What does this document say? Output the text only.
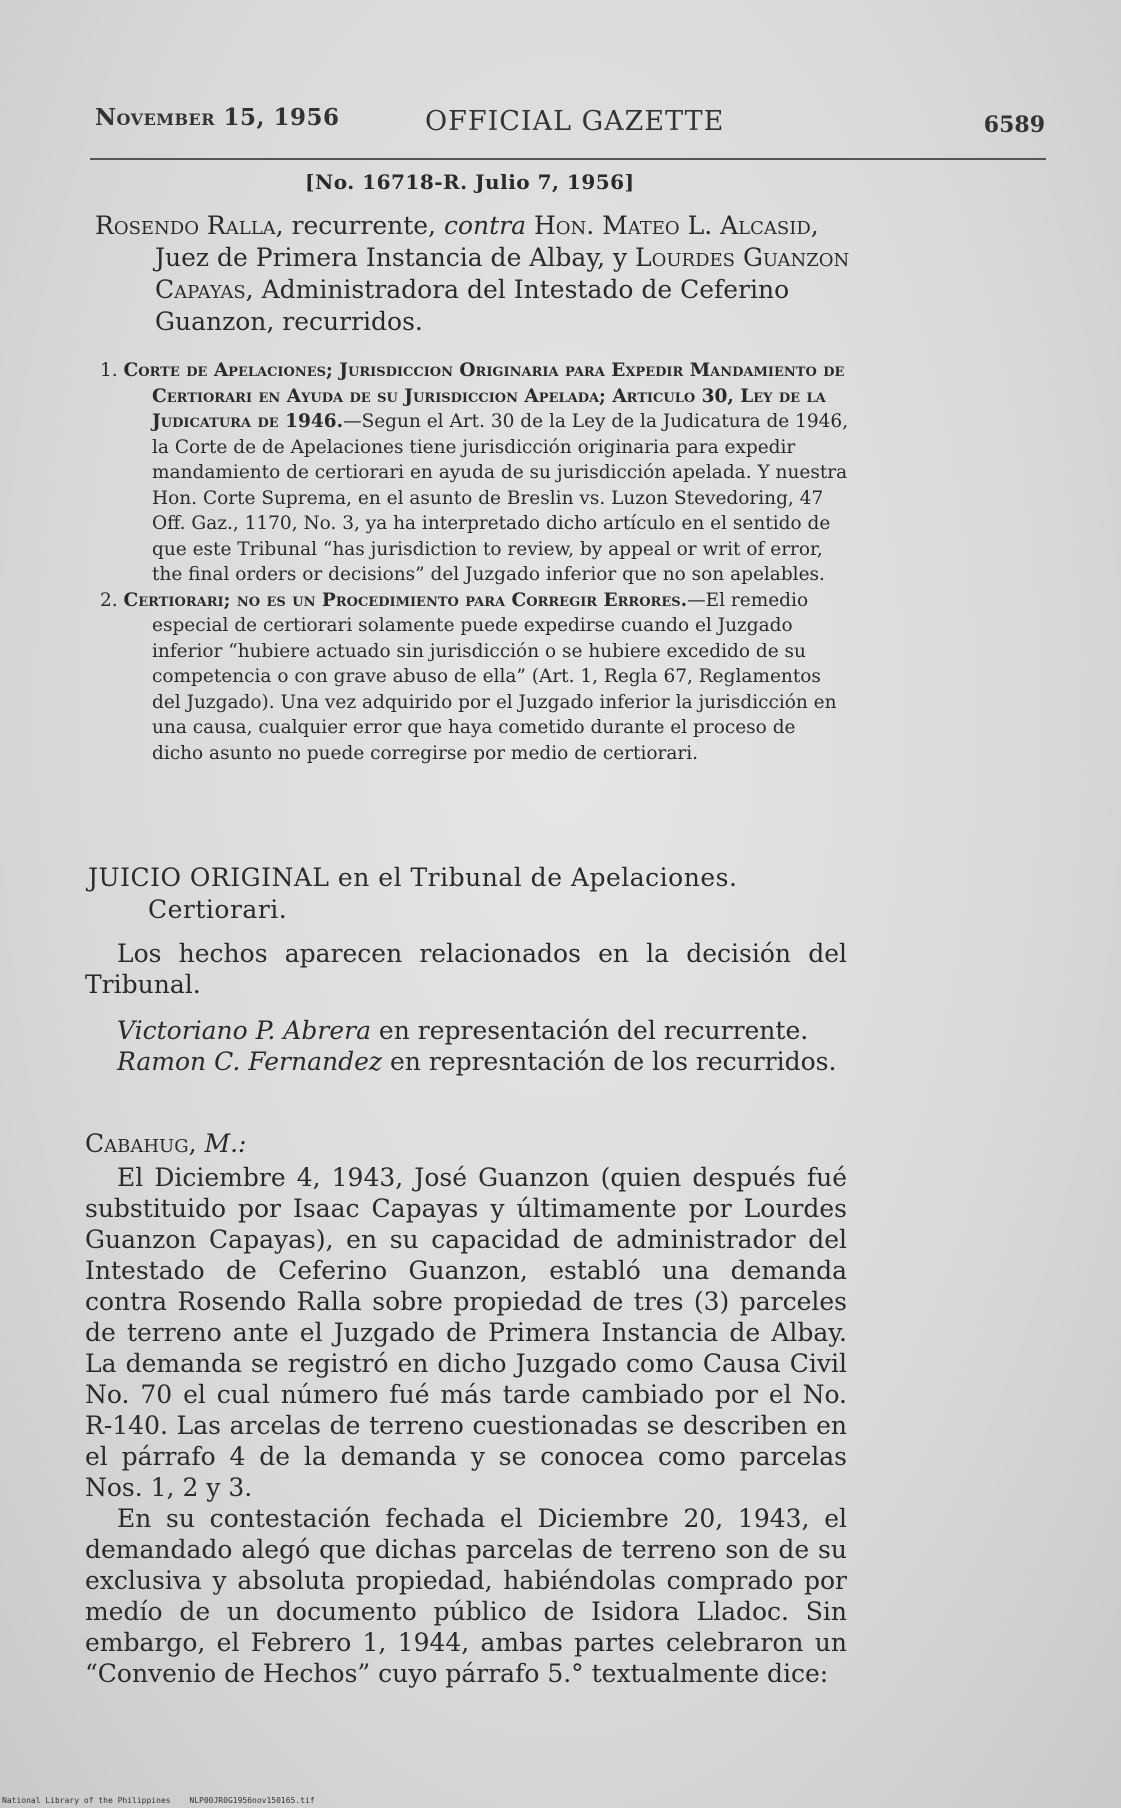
November 15, 1956	OFFICIAL GAZETTE	6589
[No. 16718-R. Julio 7, 1956]

Rosendo Ralla, recurrente, contra Hon. Mateo L. Alcasid, Juez de Primera Instancia de Albay, y Lourdes Guanzon Capayas, Administradora del Intestado de Ceferino Guanzon, recurridos.

1. Corte de Apelaciones; Jurisdiccion Originaria para Expedir Mandamiento de Certiorari en Ayuda de su Jurisdiccion Apelada; Articulo 30, Ley de la Judicatura de 1946.—Segun el Art. 30 de la Ley de la Judicatura de 1946, la Corte de de Apelaciones tiene jurisdicción originaria para expedir mandamiento de certiorari en ayuda de su jurisdicción apelada. Y nuestra Hon. Corte Suprema, en el asunto de Breslin vs. Luzon Stevedoring, 47 Off. Gaz., 1170, No. 3, ya ha interpretado dicho artículo en el sentido de que este Tribunal “has jurisdiction to review, by appeal or writ of error, the final orders or decisions” del Juzgado inferior que no son apelables.

2. Certiorari; no es un Procedimiento para Corregir Errores.—El remedio especial de certiorari solamente puede expedirse cuando el Juzgado inferior “hubiere actuado sin jurisdicción o se hubiere excedido de su competencia o con grave abuso de ella” (Art. 1, Regla 67, Reglamentos del Juzgado). Una vez adquirido por el Juzgado inferior la jurisdicción en una causa, cualquier error que haya cometido durante el proceso de dicho asunto no puede corregirse por medio de certiorari.

JUICIO ORIGINAL en el Tribunal de Apelaciones. Certiorari.

Los hechos aparecen relacionados en la decisión del Tribunal.

Victoriano P. Abrera en representación del recurrente.

Ramon C. Fernandez en represntación de los recurridos.

Cabahug, M.:

El Diciembre 4, 1943, José Guanzon (quien después fué substituido por Isaac Capayas y últimamente por Lourdes Guanzon Capayas), en su capacidad de administrador del Intestado de Ceferino Guanzon, establó una demanda contra Rosendo Ralla sobre propiedad de tres (3) parceles de terreno ante el Juzgado de Primera Instancia de Albay. La demanda se registró en dicho Juzgado como Causa Civil No. 70 el cual número fué más tarde cambiado por el No. R-140. Las arcelas de terreno cuestionadas se describen en el párrafo 4 de la demanda y se conocea como parcelas Nos. 1, 2 y 3.

En su contestación fechada el Diciembre 20, 1943, el demandado alegó que dichas parcelas de terreno son de su exclusiva y absoluta propiedad, habiéndolas comprado por medío de un documento público de Isidora Lladoc. Sin embargo, el Febrero 1, 1944, ambas partes celebraron un “Convenio de Hechos” cuyo párrafo 5.° textualmente dice:

National Library of the Philippines NLP00JR0G1956nov150165.tif
